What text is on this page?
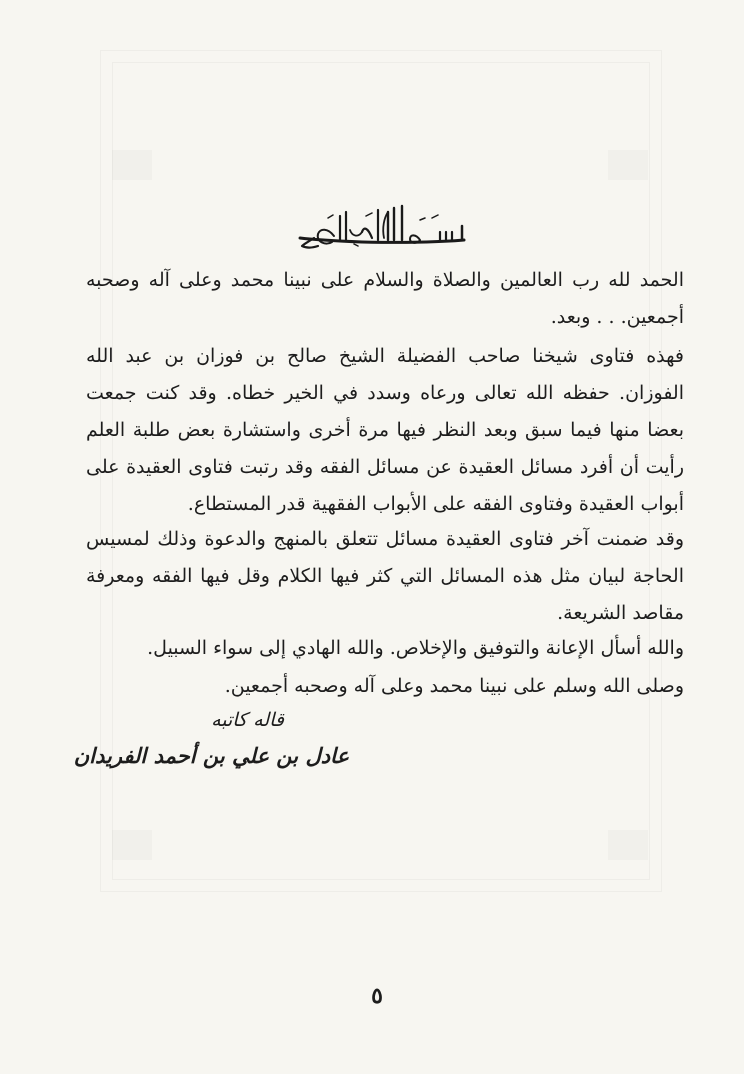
الحمد لله رب العالمين والصلاة والسلام على نبينا محمد وعلى آله وصحبه أجمعين. . . وبعد.

فهذه فتاوى شيخنا صاحب الفضيلة الشيخ صالح بن فوزان بن عبد الله الفوزان. حفظه الله تعالى ورعاه وسدد في الخير خطاه. وقد كنت جمعت بعضا منها فيما سبق وبعد النظر فيها مرة أخرى واستشارة بعض طلبة العلم رأيت أن أفرد مسائل العقيدة عن مسائل الفقه وقد رتبت فتاوى العقيدة على أبواب العقيدة وفتاوى الفقه على الأبواب الفقهية قدر المستطاع.

وقد ضمنت آخر فتاوى العقيدة مسائل تتعلق بالمنهج والدعوة وذلك لمسيس الحاجة لبيان مثل هذه المسائل التي كثر فيها الكلام وقل فيها الفقه ومعرفة مقاصد الشريعة.

والله أسأل الإعانة والتوفيق والإخلاص. والله الهادي إلى سواء السبيل.

وصلى الله وسلم على نبينا محمد وعلى آله وصحبه أجمعين.

قاله كاتبه

عادل بن علي بن أحمد الفريدان

٥
